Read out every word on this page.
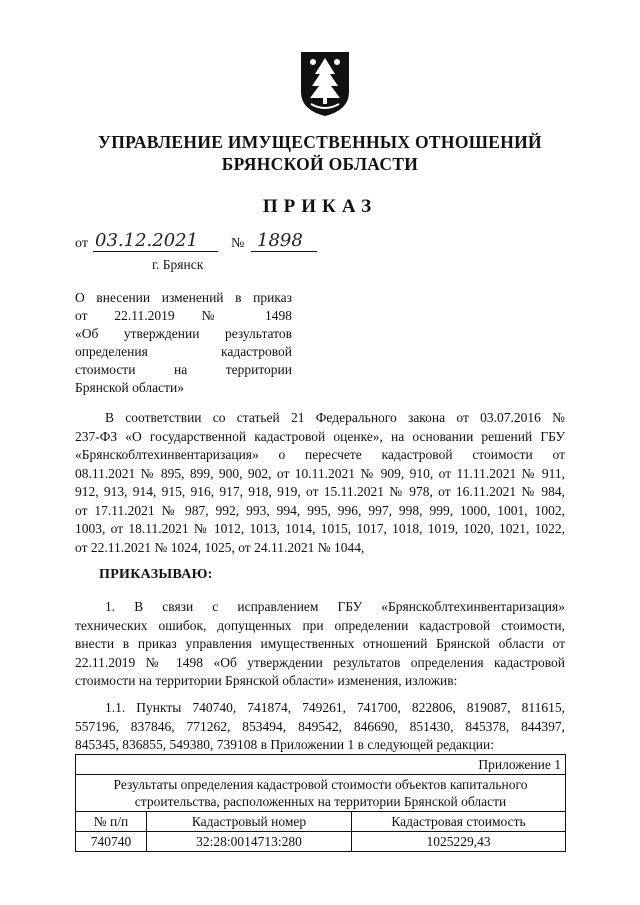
УПРАВЛЕНИЕ ИМУЩЕСТВЕННЫХ ОТНОШЕНИЙ
БРЯНСКОЙ ОБЛАСТИ
ПРИКАЗ
от 03.12.2021 № 1898
г. Брянск
О внесении изменений в приказ
от 22.11.2019 № 1498
«Об утверждении результатов
определения кадастровой
стоимости на территории
Брянской области»
В соответствии со статьей 21 Федерального закона от 03.07.2016 №
237-ФЗ «О государственной кадастровой оценке», на основании решений ГБУ
«Брянскоблтехинвентаризация» о пересчете кадастровой стоимости от
08.11.2021 № 895, 899, 900, 902, от 10.11.2021 № 909, 910, от 11.11.2021 № 911,
912, 913, 914, 915, 916, 917, 918, 919, от 15.11.2021 № 978, от 16.11.2021 № 984,
от 17.11.2021 № 987, 992, 993, 994, 995, 996, 997, 998, 999, 1000, 1001, 1002,
1003, от 18.11.2021 № 1012, 1013, 1014, 1015, 1017, 1018, 1019, 1020, 1021, 1022,
от 22.11.2021 № 1024, 1025, от 24.11.2021 № 1044,
ПРИКАЗЫВАЮ:
1. В связи с исправлением ГБУ «Брянскоблтехинвентаризация»
технических ошибок, допущенных при определении кадастровой стоимости,
внести в приказ управления имущественных отношений Брянской области от
22.11.2019 № 1498 «Об утверждении результатов определения кадастровой
стоимости на территории Брянской области» изменения, изложив:
1.1. Пункты 740740, 741874, 749261, 741700, 822806, 819087, 811615,
557196, 837846, 771262, 853494, 849542, 846690, 851430, 845378, 844397,
845345, 836855, 549380, 739108 в Приложении 1 в следующей редакции:
Приложение 1		

Результаты определения кадастровой стоимости объектов капитального
строительства, расположенных на территории Брянской области		

№ п/п	Кадастровый номер	Кадастровая стоимость
740740	32:28:0014713:280	1025229,43
